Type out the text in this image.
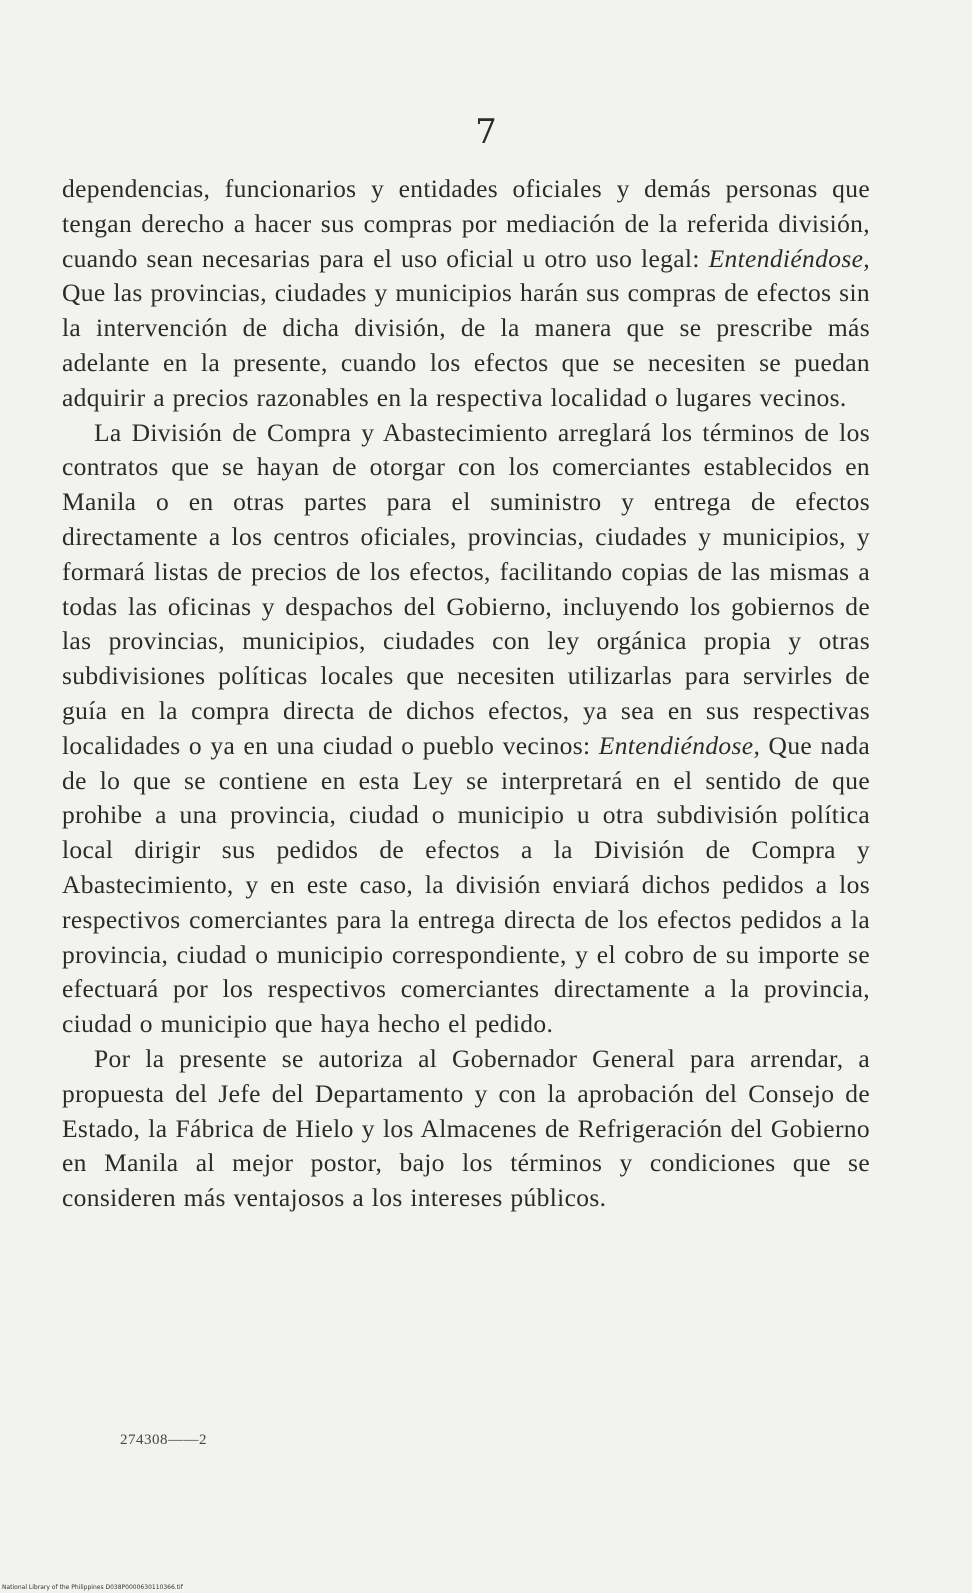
7

dependencias, funcionarios y entidades oficiales y demás personas que tengan derecho a hacer sus compras por mediación de la referida división, cuando sean necesarias para el uso oficial u otro uso legal: Entendiéndose, Que las provincias, ciudades y municipios harán sus compras de efectos sin la intervención de dicha división, de la manera que se prescribe más adelante en la presente, cuando los efectos que se necesiten se puedan adquirir a precios razonables en la respectiva localidad o lugares vecinos.

La División de Compra y Abastecimiento arreglará los términos de los contratos que se hayan de otorgar con los comerciantes establecidos en Manila o en otras partes para el suministro y entrega de efectos directamente a los centros oficiales, provincias, ciudades y municipios, y formará listas de precios de los efectos, facilitando copias de las mismas a todas las oficinas y despachos del Gobierno, incluyendo los gobiernos de las provincias, municipios, ciudades con ley orgánica propia y otras subdivisiones políticas locales que necesiten utilizarlas para servirles de guía en la compra directa de dichos efectos, ya sea en sus respectivas localidades o ya en una ciudad o pueblo vecinos: Entendiéndose, Que nada de lo que se contiene en esta Ley se interpretará en el sentido de que prohibe a una provincia, ciudad o municipio u otra subdivisión política local dirigir sus pedidos de efectos a la División de Compra y Abastecimiento, y en este caso, la división enviará dichos pedidos a los respectivos comerciantes para la entrega directa de los efectos pedidos a la provincia, ciudad o municipio correspondiente, y el cobro de su importe se efectuará por los respectivos comerciantes directamente a la provincia, ciudad o municipio que haya hecho el pedido.

Por la presente se autoriza al Gobernador General para arrendar, a propuesta del Jefe del Departamento y con la aprobación del Consejo de Estado, la Fábrica de Hielo y los Almacenes de Refrigeración del Gobierno en Manila al mejor postor, bajo los términos y condiciones que se consideren más ventajosos a los intereses públicos.

274308——2
National Library of the Philippines D038P0000630110366.tif
